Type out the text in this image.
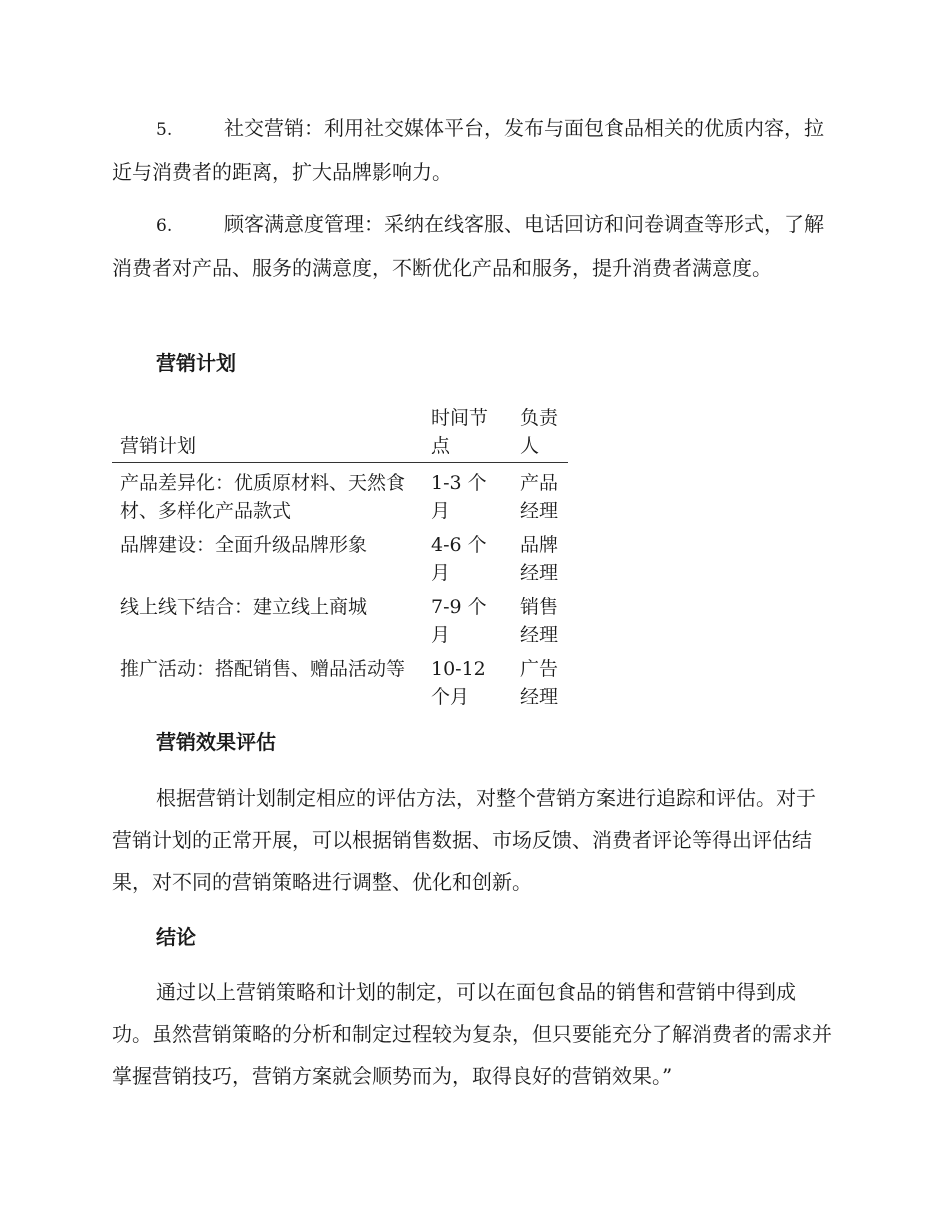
5.	社交营销：利用社交媒体平台，发布与面包食品相关的优质内容，拉近与消费者的距离，扩大品牌影响力。

6.	顾客满意度管理：采纳在线客服、电话回访和问卷调查等形式，了解消费者对产品、服务的满意度，不断优化产品和服务，提升消费者满意度。

营销计划
营销计划	时间节点	负责人
产品差异化：优质原材料、天然食材、多样化产品款式	1-3 个月	产品经理
品牌建设：全面升级品牌形象	4-6 个月	品牌经理
线上线下结合：建立线上商城	7-9 个月	销售经理
推广活动：搭配销售、赠品活动等	10-12 个月	广告经理
营销效果评估

根据营销计划制定相应的评估方法，对整个营销方案进行追踪和评估。对于营销计划的正常开展，可以根据销售数据、市场反馈、消费者评论等得出评估结果，对不同的营销策略进行调整、优化和创新。

结论

通过以上营销策略和计划的制定，可以在面包食品的销售和营销中得到成功。虽然营销策略的分析和制定过程较为复杂，但只要能充分了解消费者的需求并掌握营销技巧，营销方案就会顺势而为，取得良好的营销效果。”
